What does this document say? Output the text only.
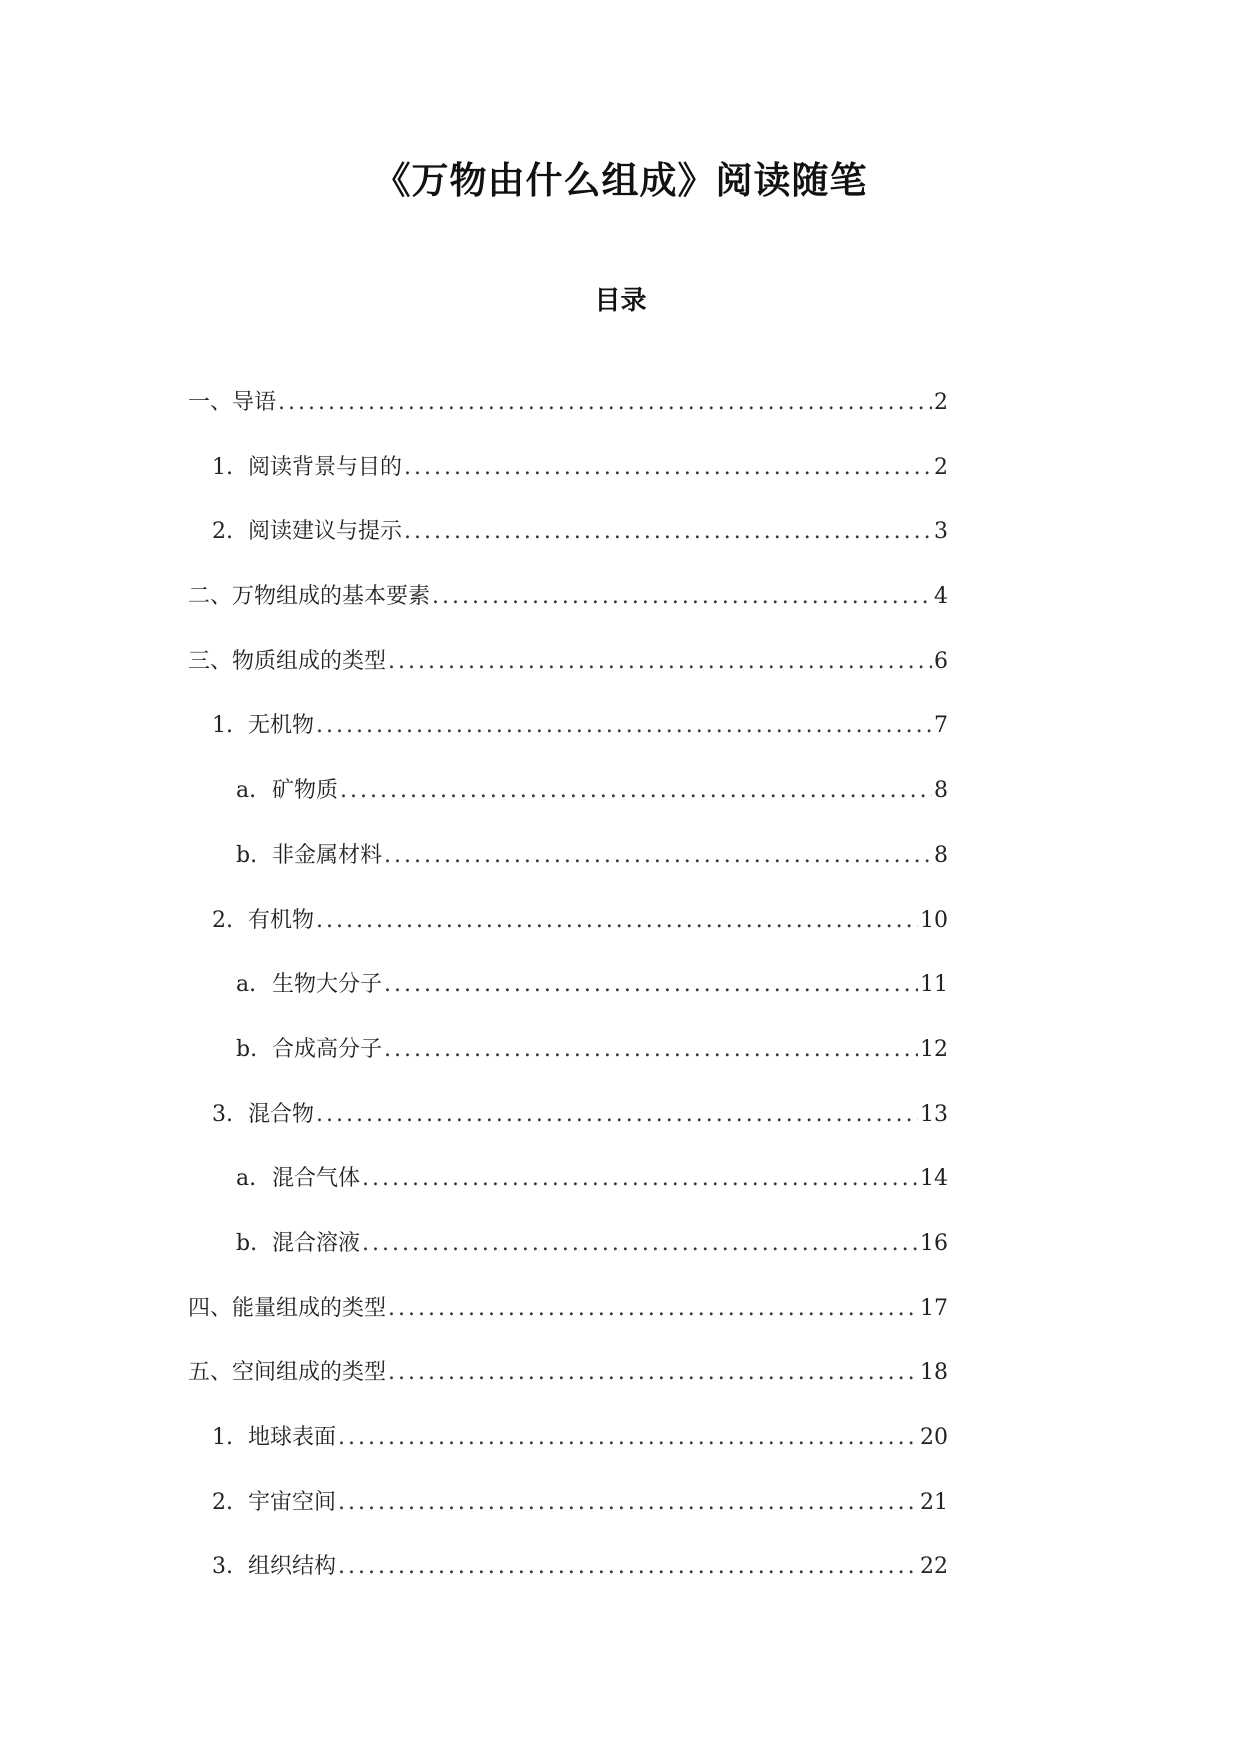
《万物由什么组成》阅读随笔
目录
一、导语 .....	2
1. 阅读背景与目的 .....	2
2. 阅读建议与提示 .....	3
二、万物组成的基本要素 .....	4
三、物质组成的类型 .....	6
1. 无机物 .....	7
a. 矿物质 .....	8
b. 非金属材料 .....	8
2. 有机物 .....	10
a. 生物大分子 .....	11
b. 合成高分子 .....	12
3. 混合物 .....	13
a. 混合气体 .....	14
b. 混合溶液 .....	16
四、能量组成的类型 .....	17
五、空间组成的类型 .....	18
1. 地球表面 .....	20
2. 宇宙空间 .....	21
3. 组织结构 .....	22
